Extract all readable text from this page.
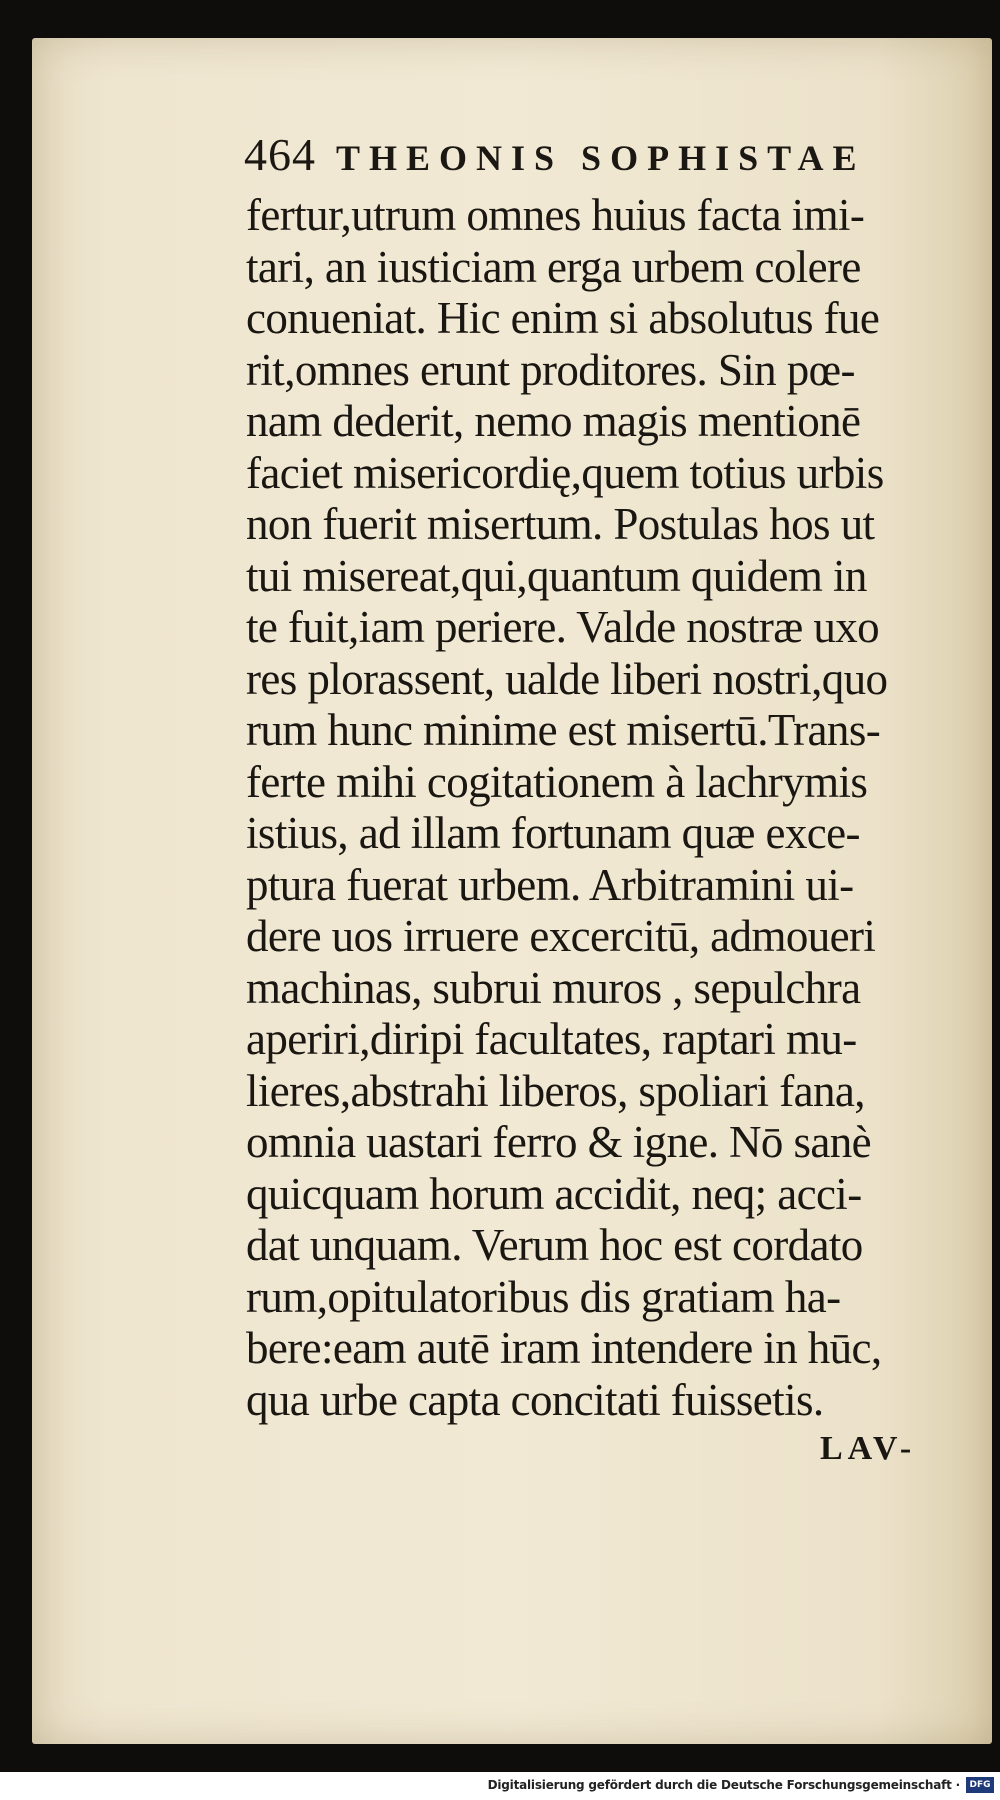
464 THEONIS SOPHISTAE
fertur,utrum omnes huius facta imi-
tari, an iusticiam erga urbem colere
conueniat. Hic enim si absolutus fue
rit,omnes erunt proditores. Sin pœ-
nam dederit, nemo magis mentionē
faciet misericordię,quem totius urbis
non fuerit misertum. Postulas hos ut
tui misereat,qui,quantum quidem in
te fuit,iam periere. Valde nostræ uxo
res plorassent, ualde liberi nostri,quo
rum hunc minime est misertū.Trans-
ferte mihi cogitationem à lachrymis
istius, ad illam fortunam quæ exce-
ptura fuerat urbem. Arbitramini ui-
dere uos irruere excercitū, admoueri
machinas, subrui muros , sepulchra
aperiri,diripi facultates, raptari mu-
lieres,abstrahi liberos, spoliari fana,
omnia uastari ferro & igne. Nō sanè
quicquam horum accidit, neq; acci-
dat unquam. Verum hoc est cordato
rum,opitulatoribus dis gratiam ha-
bere:eam autē iram intendere in hūc,
qua urbe capta concitati fuissetis.
LAV-
Digitalisierung gefördert durch die Deutsche Forschungsgemeinschaft ·	DFG
